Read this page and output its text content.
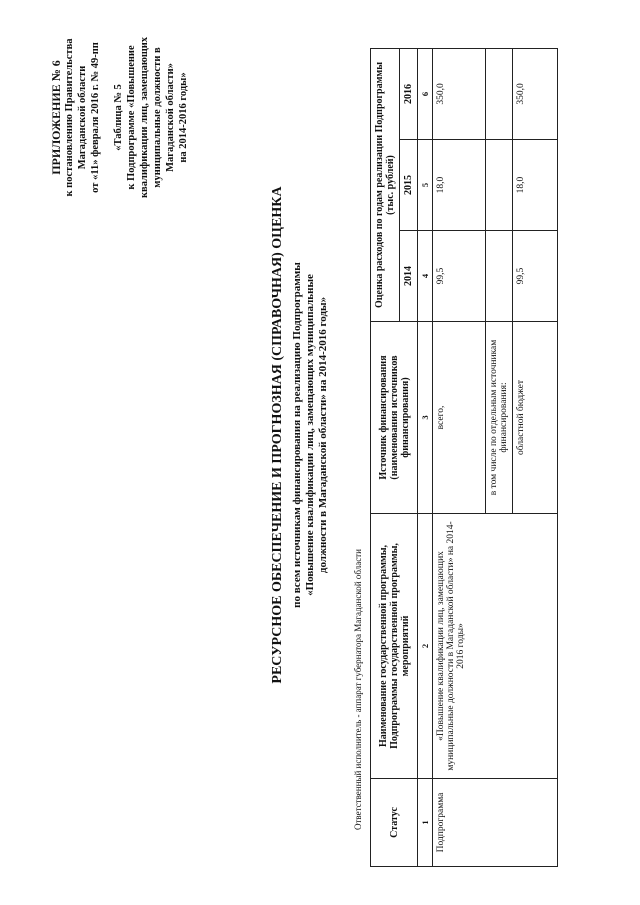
ПРИЛОЖЕНИЕ № 6 к постановлению Правительства Магаданской области от «11» февраля 2016 г. № 49-пп «Таблица № 5 к Подпрограмме «Повышение квалификации лиц, замещающих муниципальные должности в Магаданской области» на 2014-2016 годы»
РЕСУРСНОЕ ОБЕСПЕЧЕНИЕ И ПРОГНОЗНАЯ (СПРАВОЧНАЯ) ОЦЕНКА по всем источникам финансирования на реализацию Подпрограммы «Повышение квалификации лиц, замещающих муниципальные должности в Магаданской области» на 2014-2016 годы»
Ответственный исполнитель - аппарат губернатора Магаданской области	Статус	Наименование государственной программы, Подпрограммы государственной программы, мероприятий	Источник финансирования (наименования источников финансирования)	Оценка расходов по годам реализации Подпрограммы (тыс. рублей)		
			2014	2015	2016
1	2	3	4	5	6
Подпрограмма	«Повышение квалификации лиц, замещающих муниципальные должности в Магаданской области» на 2014-2016 годы»	всего,	99,5	18,0	350,0
		в том числе по отдельным источникам финансирования:			
		областной бюджет	99,5	18,0	350,0
